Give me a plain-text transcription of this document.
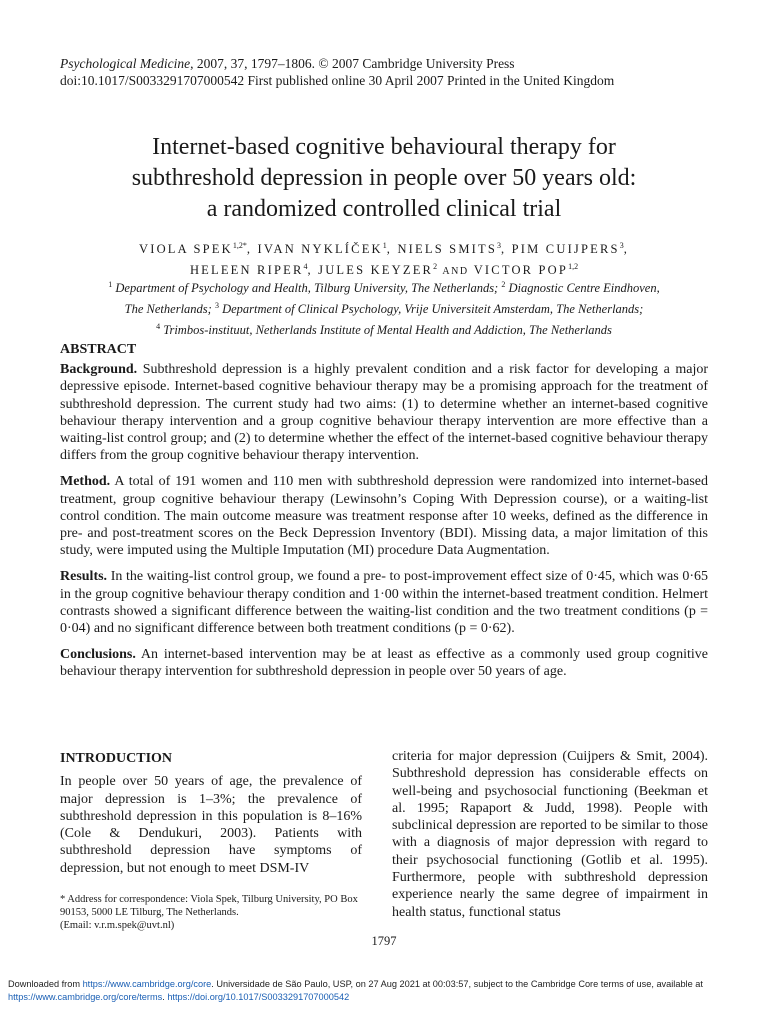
Psychological Medicine, 2007, 37, 1797–1806. © 2007 Cambridge University Press
doi:10.1017/S0033291707000542 First published online 30 April 2007 Printed in the United Kingdom
Internet-based cognitive behavioural therapy for
subthreshold depression in people over 50 years old:
a randomized controlled clinical trial
VIOLA $SPEK^{1,2*}$, IVAN NYKLÍČEK$^1$, NIELS SMITS$^3$, PIM CUIJPERS$^3$,
HELEEN RIPER$^4$, JULES KEYZER$^2$ AND VICTOR POP$^{1,2}$
$^1$ Department of Psychology and Health, Tilburg University, The Netherlands; $^2$ Diagnostic Centre Eindhoven,
The Netherlands; $^3$ Department of Clinical Psychology, Vrije Universiteit Amsterdam, The Netherlands;
$^4$ Trimbos-instituut, Netherlands Institute of Mental Health and Addiction, The Netherlands
ABSTRACT

Background. Subthreshold depression is a highly prevalent condition and a risk factor for developing a major depressive episode. Internet-based cognitive behaviour therapy may be a promising approach for the treatment of subthreshold depression. The current study had two aims: (1) to determine whether an internet-based cognitive behaviour therapy intervention and a group cognitive behaviour therapy intervention are more effective than a waiting-list control group; and (2) to determine whether the effect of the internet-based cognitive behaviour therapy differs from the group cognitive behaviour therapy intervention.

Method. A total of 191 women and 110 men with subthreshold depression were randomized into internet-based treatment, group cognitive behaviour therapy (Lewinsohn’s Coping With Depression course), or a waiting-list control condition. The main outcome measure was treatment response after 10 weeks, defined as the difference in pre- and post-treatment scores on the Beck Depression Inventory (BDI). Missing data, a major limitation of this study, were imputed using the Multiple Imputation (MI) procedure Data Augmentation.

Results. In the waiting-list control group, we found a pre- to post-improvement effect size of 0·45, which was 0·65 in the group cognitive behaviour therapy condition and 1·00 within the internet-based treatment condition. Helmert contrasts showed a significant difference between the waiting-list condition and the two treatment conditions (p = 0·04) and no significant difference between both treatment conditions (p = 0·62).

Conclusions. An internet-based intervention may be at least as effective as a commonly used group cognitive behaviour therapy intervention for subthreshold depression in people over 50 years of age.

INTRODUCTION

In people over 50 years of age, the prevalence of major depression is 1–3%; the prevalence of subthreshold depression in this population is 8–16% (Cole & Dendukuri, 2003). Patients with subthreshold depression have symptoms of depression, but not enough to meet DSM-IV

* Address for correspondence: Viola Spek, Tilburg University, PO Box 90153, 5000 LE Tilburg, The Netherlands.

(Email: v.r.m.spek@uvt.nl)

criteria for major depression (Cuijpers & Smit, 2004). Subthreshold depression has considerable effects on well-being and psychosocial functioning (Beekman et al. 1995; Rapaport & Judd, 1998). People with subclinical depression are reported to be similar to those with a diagnosis of major depression with regard to their psychosocial functioning (Gotlib et al. 1995). Furthermore, people with subthreshold depression experience nearly the same degree of impairment in health status, functional status

1797
Downloaded from https://www.cambridge.org/core. Universidade de São Paulo, USP, on 27 Aug 2021 at 00:03:57, subject to the Cambridge Core terms of use, available at https://www.cambridge.org/core/terms. https://doi.org/10.1017/S0033291707000542
